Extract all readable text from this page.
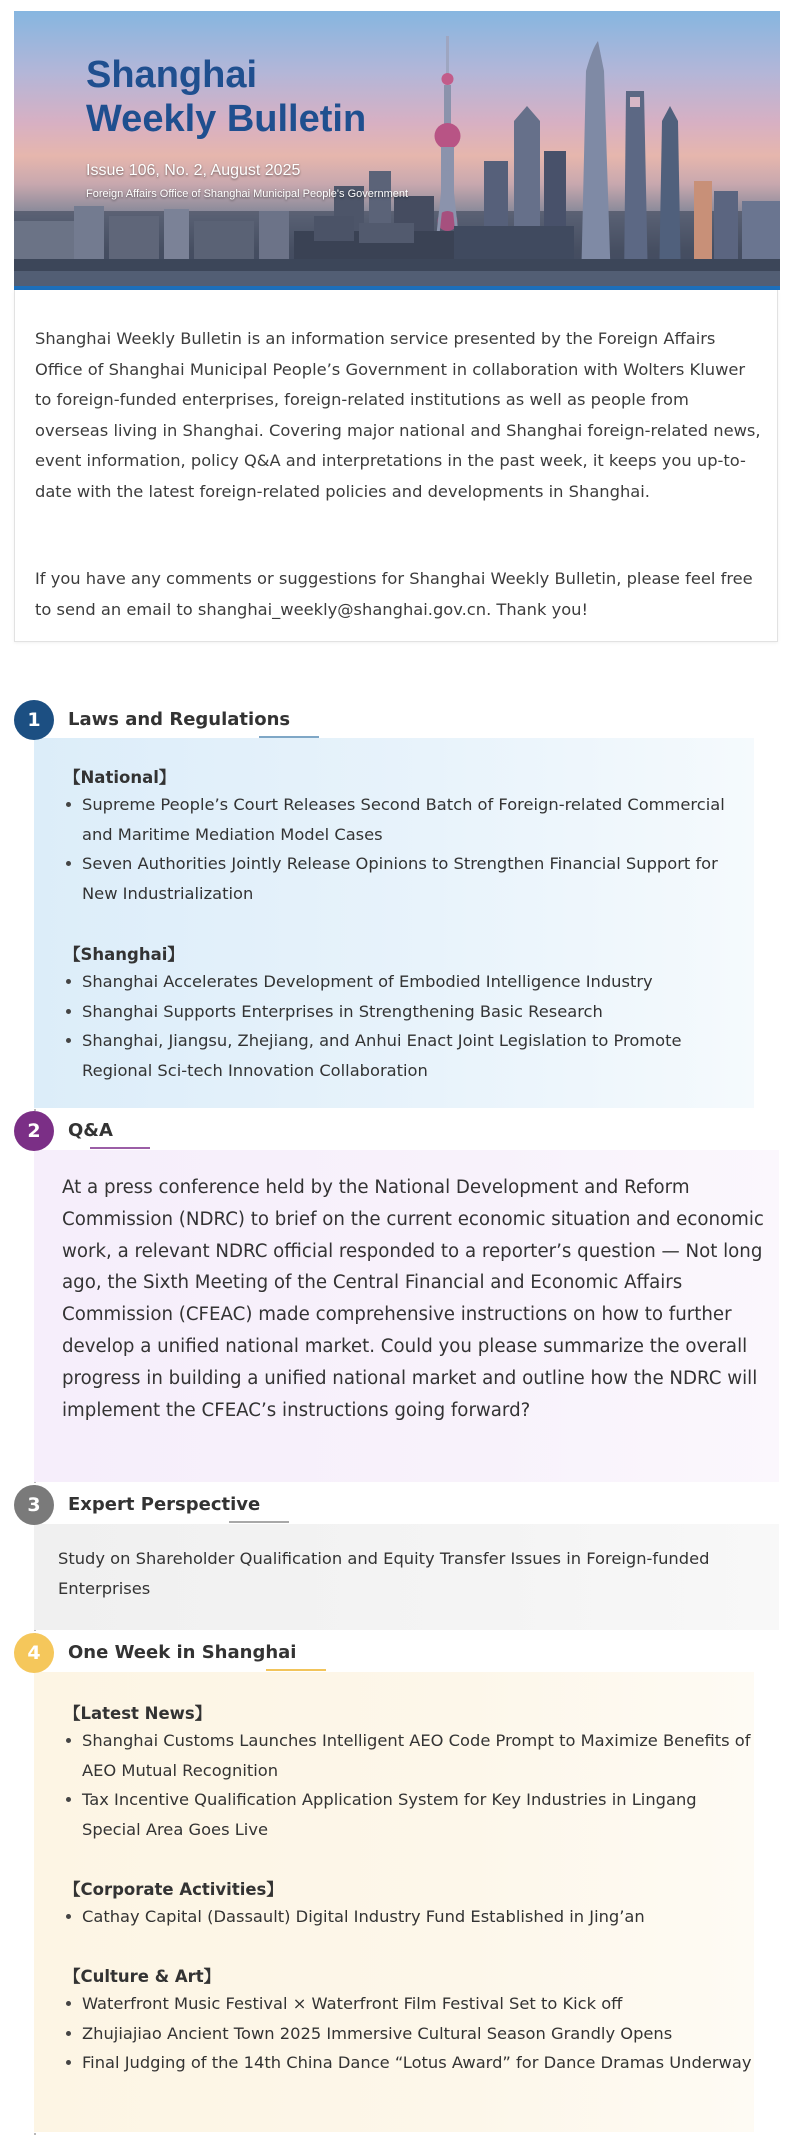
Shanghai
Weekly Bulletin
Issue 106, No. 2, August 2025
Foreign Affairs Office of Shanghai Municipal People's Government

Shanghai Weekly Bulletin is an information service presented by the Foreign Affairs Office of Shanghai Municipal People’s Government in collaboration with Wolters Kluwer to foreign-funded enterprises, foreign-related institutions as well as people from overseas living in Shanghai. Covering major national and Shanghai foreign-related news, event information, policy Q&A and interpretations in the past week, it keeps you up-to-date with the latest foreign-related policies and developments in Shanghai.

If you have any comments or suggestions for Shanghai Weekly Bulletin, please feel free to send an email to shanghai_weekly@shanghai.gov.cn. Thank you!

【National】
Supreme People’s Court Releases Second Batch of Foreign-related Commercial and Maritime Mediation Model Cases
Seven Authorities Jointly Release Opinions to Strengthen Financial Support for New Industrialization
【Shanghai】
Shanghai Accelerates Development of Embodied Intelligence Industry
Shanghai Supports Enterprises in Strengthening Basic Research
Shanghai, Jiangsu, Zhejiang, and Anhui Enact Joint Legislation to Promote Regional Sci-tech Innovation Collaboration
1	Laws and Regulations

At a press conference held by the National Development and Reform Commission (NDRC) to brief on the current economic situation and economic work, a relevant NDRC official responded to a reporter’s question — Not long ago, the Sixth Meeting of the Central Financial and Economic Affairs Commission (CFEAC) made comprehensive instructions on how to further develop a unified national market. Could you please summarize the overall progress in building a unified national market and outline how the NDRC will implement the CFEAC’s instructions going forward?

2	Q&A

Study on Shareholder Qualification and Equity Transfer Issues in Foreign-funded Enterprises

3	Expert Perspective
【Latest News】
Shanghai Customs Launches Intelligent AEO Code Prompt to Maximize Benefits of AEO Mutual Recognition
Tax Incentive Qualification Application System for Key Industries in Lingang Special Area Goes Live
【Corporate Activities】
Cathay Capital (Dassault) Digital Industry Fund Established in Jing’an
【Culture & Art】
Waterfront Music Festival × Waterfront Film Festival Set to Kick off
Zhujiajiao Ancient Town 2025 Immersive Cultural Season Grandly Opens
Final Judging of the 14th China Dance “Lotus Award” for Dance Dramas Underway
4	One Week in Shanghai
